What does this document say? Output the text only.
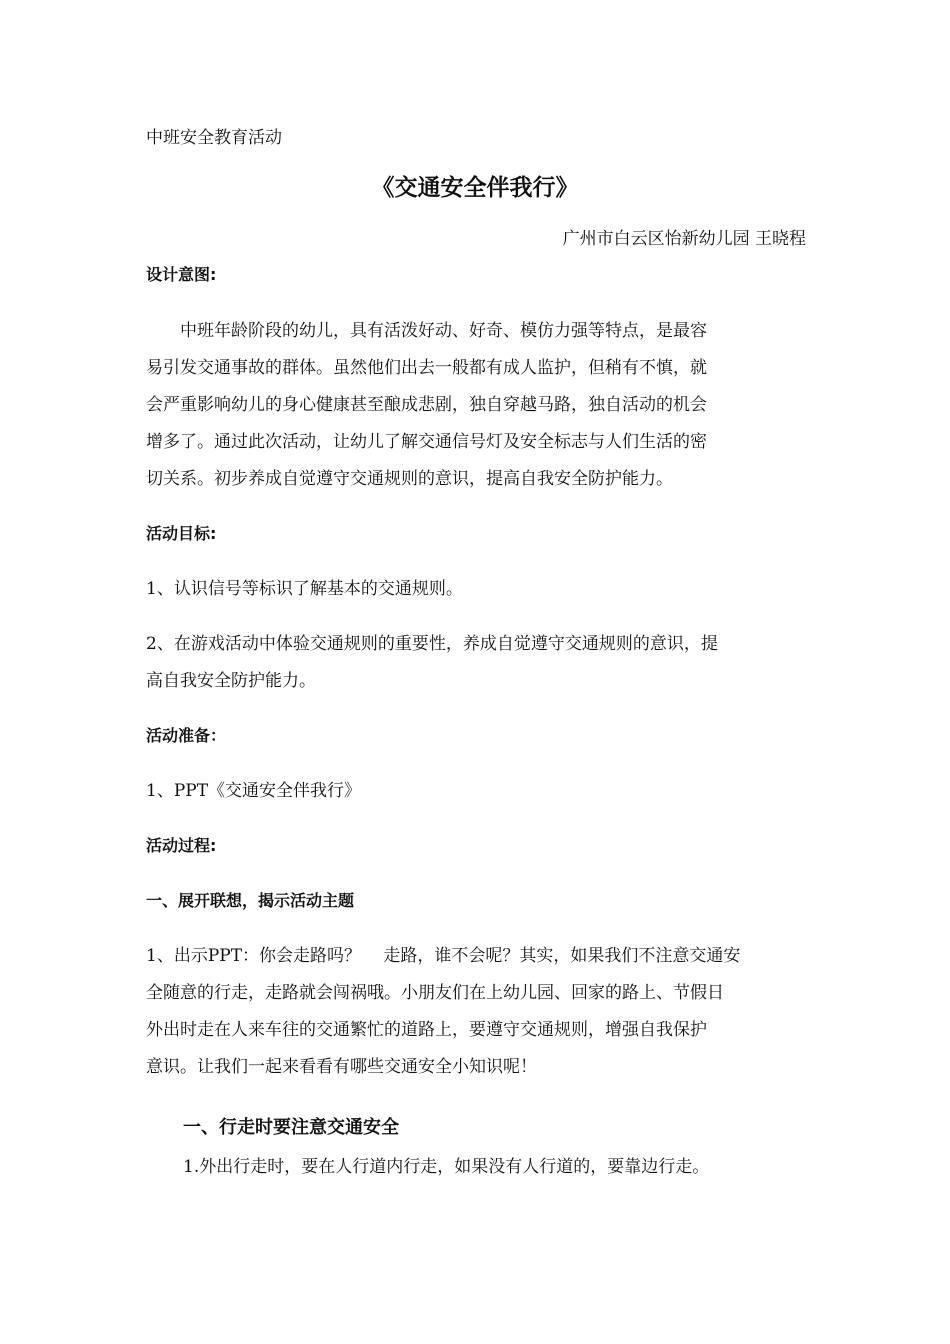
中班安全教育活动
《交通安全伴我行》
广州市白云区怡新幼儿园 王晓程
设计意图:
　　中班年龄阶段的幼儿，具有活泼好动、好奇、模仿力强等特点，是最容
易引发交通事故的群体。虽然他们出去一般都有成人监护，但稍有不慎，就
会严重影响幼儿的身心健康甚至酿成悲剧，独自穿越马路，独自活动的机会
增多了。通过此次活动，让幼儿了解交通信号灯及安全标志与人们生活的密
切关系。初步养成自觉遵守交通规则的意识，提高自我安全防护能力。
活动目标:
1、认识信号等标识了解基本的交通规则。
2、在游戏活动中体验交通规则的重要性，养成自觉遵守交通规则的意识，提
高自我安全防护能力。
活动准备：
1、PPT《交通安全伴我行》
活动过程:
一、展开联想，揭示活动主题
1、出示PPT：你会走路吗？　 走路，谁不会呢？其实，如果我们不注意交通安
全随意的行走，走路就会闯祸哦。小朋友们在上幼儿园、回家的路上、节假日
外出时走在人来车往的交通繁忙的道路上，要遵守交通规则，增强自我保护
意识。让我们一起来看看有哪些交通安全小知识呢！
一、行走时要注意交通安全
1.外出行走时，要在人行道内行走，如果没有人行道的，要靠边行走。
